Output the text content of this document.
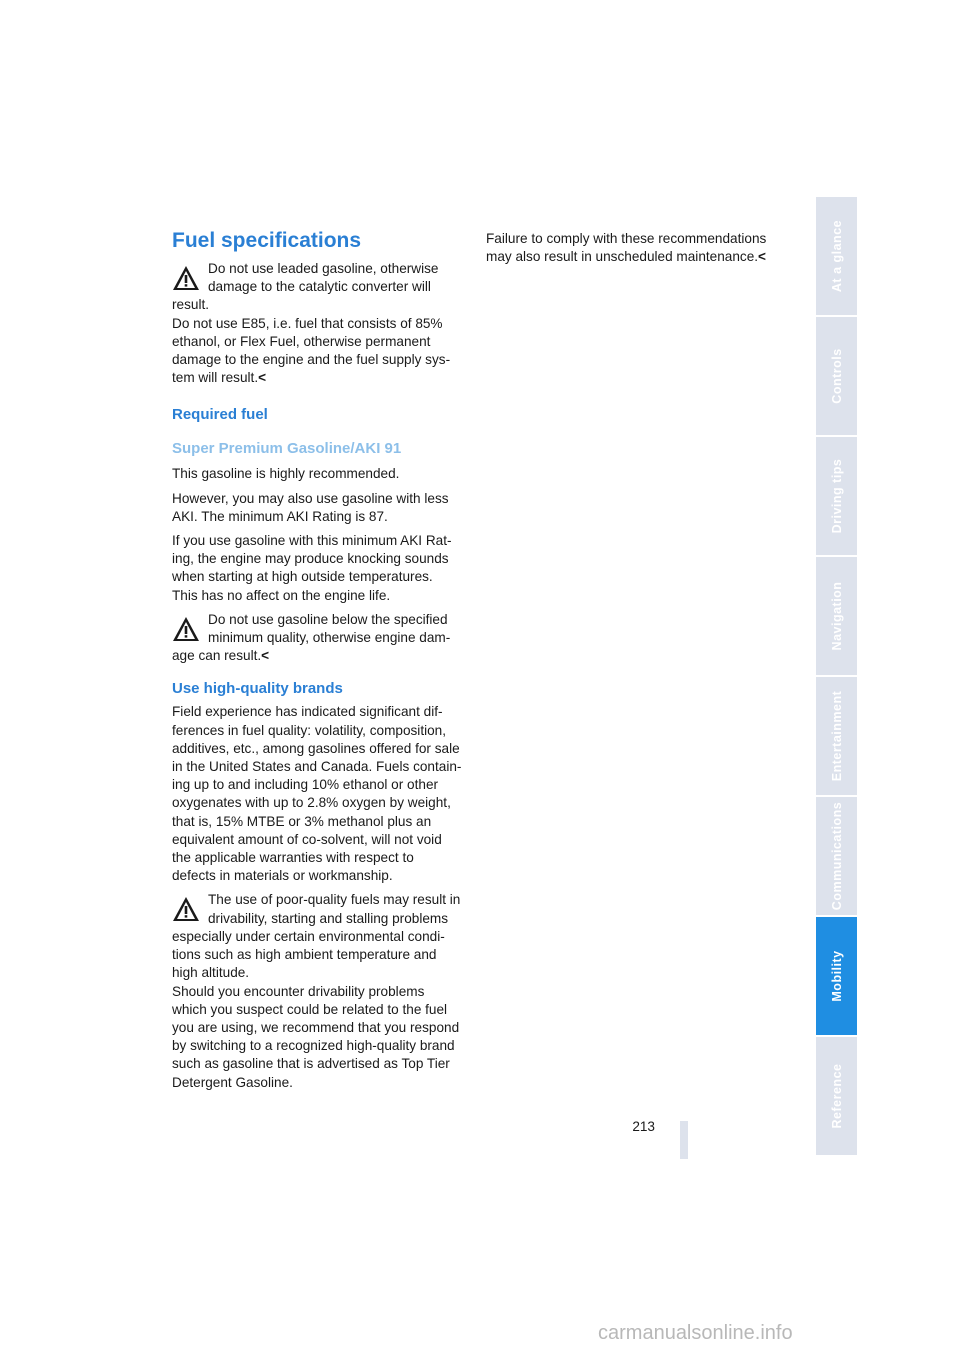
Fuel specifications
Do not use leaded gasoline, otherwise
damage to the catalytic converter will
result.
Do not use E85, i.e. fuel that consists of 85%
ethanol, or Flex Fuel, otherwise permanent
damage to the engine and the fuel supply sys-
tem will result.<
Required fuel
Super Premium Gasoline/AKI 91

This gasoline is highly recommended.

However, you may also use gasoline with less
AKI. The minimum AKI Rating is 87.

If you use gasoline with this minimum AKI Rat-
ing, the engine may produce knocking sounds
when starting at high outside temperatures.
This has no affect on the engine life.

Do not use gasoline below the specified
minimum quality, otherwise engine dam-
age can result.<
Use high-quality brands

Field experience has indicated significant dif-
ferences in fuel quality: volatility, composition,
additives, etc., among gasolines offered for sale
in the United States and Canada. Fuels contain-
ing up to and including 10% ethanol or other
oxygenates with up to 2.8% oxygen by weight,
that is, 15% MTBE or 3% methanol plus an
equivalent amount of co-solvent, will not void
the applicable warranties with respect to
defects in materials or workmanship.

The use of poor-quality fuels may result in
drivability, starting and stalling problems
especially under certain environmental condi-
tions such as high ambient temperature and
high altitude.
Should you encounter drivability problems
which you suspect could be related to the fuel
you are using, we recommend that you respond
by switching to a recognized high-quality brand
such as gasoline that is advertised as Top Tier
Detergent Gasoline.
Failure to comply with these recommendations
may also result in unscheduled maintenance.<	At a glance
Controls
Driving tips
Navigation
Entertainment
Communications
Mobility
Reference
213
carmanualsonline.info
